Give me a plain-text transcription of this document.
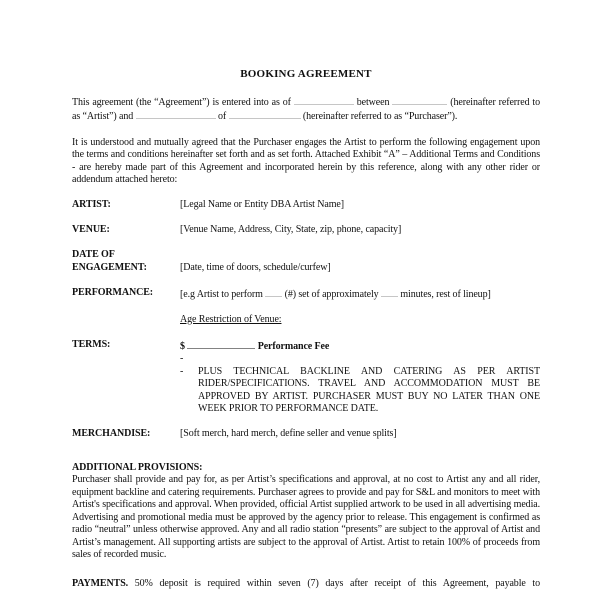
BOOKING AGREEMENT

This agreement (the “Agreement”) is entered into as of	between	(hereinafter referred to as “Artist”) and	of	(hereinafter referred to as “Purchaser”).

It is understood and mutually agreed that the Purchaser engages the Artist to perform the following engagement upon the terms and conditions hereinafter set forth and as set forth. Attached Exhibit “A” – Additional Terms and Conditions - are hereby made part of this Agreement and incorporated herein by this reference, along with any other rider or addendum attached hereto:

ARTIST:	[Legal Name or Entity DBA Artist Name]
VENUE:	[Venue Name, Address, City, State, zip, phone, capacity]
DATE OF
ENGAGEMENT:	[Date, time of doors, schedule/curfew]
PERFORMANCE:	[e.g Artist to perform  (#) set of approximately  minutes, rest of lineup]
Age Restriction of Venue:
TERMS:	$	Performance Fee
-
-	PLUS TECHNICAL BACKLINE AND CATERING AS PER ARTIST RIDER/SPECIFICATIONS. TRAVEL AND ACCOMMODATION MUST BE APPROVED BY ARTIST. PURCHASER MUST BUY NO LATER THAN ONE WEEK PRIOR TO PERFORMANCE DATE.
MERCHANDISE:	[Soft merch, hard merch, define seller and venue splits]
ADDITIONAL PROVISIONS:

Purchaser shall provide and pay for, as per Artist’s specifications and approval, at no cost to Artist any and all rider, equipment backline and catering requirements. Purchaser agrees to provide and pay for S&L and monitors to meet with Artist's specifications and approval. When provided, official Artist supplied artwork to be used in all advertising media. Advertising and promotional media must be approved by the agency prior to release. This engagement is confirmed as radio “neutral” unless otherwise approved. Any and all radio station “presents” are subject to the approval of Artist and Artist’s management. All supporting artists are subject to the approval of Artist. Artist to retain 100% of proceeds from sales of recorded music.

PAYMENTS. 50% deposit is required within seven (7) days after receipt of this Agreement, payable to
